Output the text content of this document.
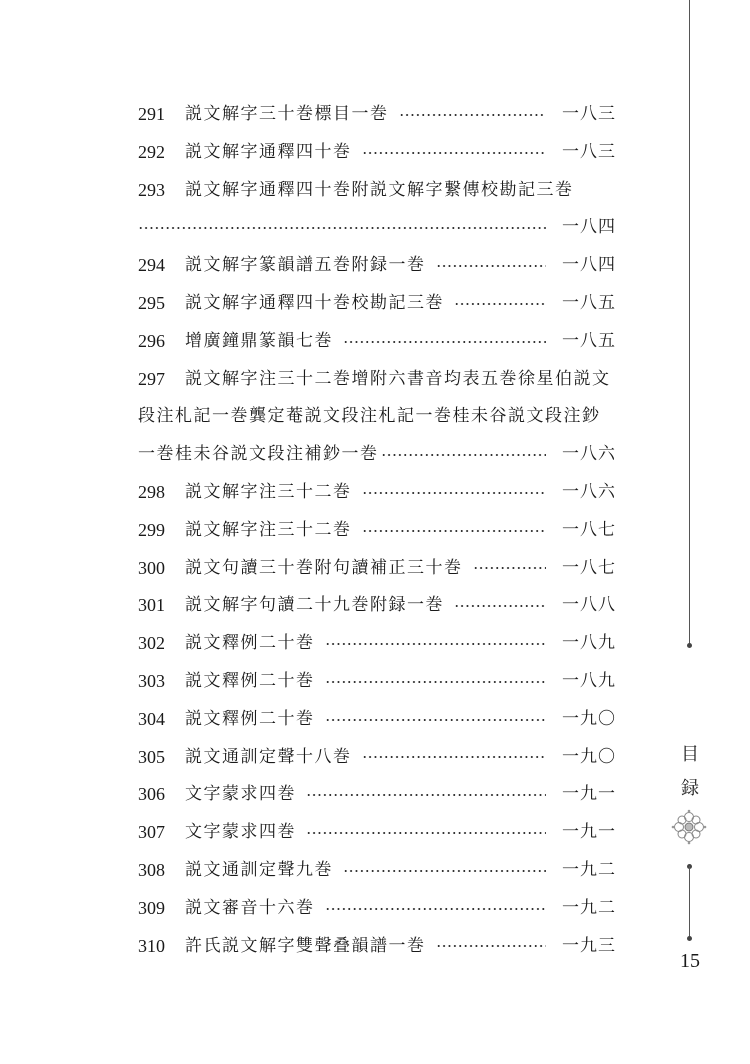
291	説文解字三十巻標目一巻	一八三
292	説文解字通釋四十巻	一八三
293	説文解字通釋四十巻附説文解字繋傳校勘記三巻
一八四
294	説文解字篆韻譜五巻附録一巻	一八四
295	説文解字通釋四十巻校勘記三巻	一八五
296	增廣鐘鼎篆韻七巻	一八五
297	説文解字注三十二巻增附六書音均表五巻徐星伯説文
段注札記一巻龔定菴説文段注札記一巻桂未谷説文段注鈔
一巻桂未谷説文段注補鈔一巻	一八六
298	説文解字注三十二巻	一八六
299	説文解字注三十二巻	一八七
300	説文句讀三十巻附句讀補正三十巻	一八七
301	説文解字句讀二十九巻附録一巻	一八八
302	説文釋例二十巻	一八九
303	説文釋例二十巻	一八九
304	説文釋例二十巻	一九〇
305	説文通訓定聲十八巻	一九〇
306	文字蒙求四巻	一九一
307	文字蒙求四巻	一九一
308	説文通訓定聲九巻	一九二
309	説文審音十六巻	一九二
310	許氏説文解字雙聲叠韻譜一巻	一九三
目
録
15
